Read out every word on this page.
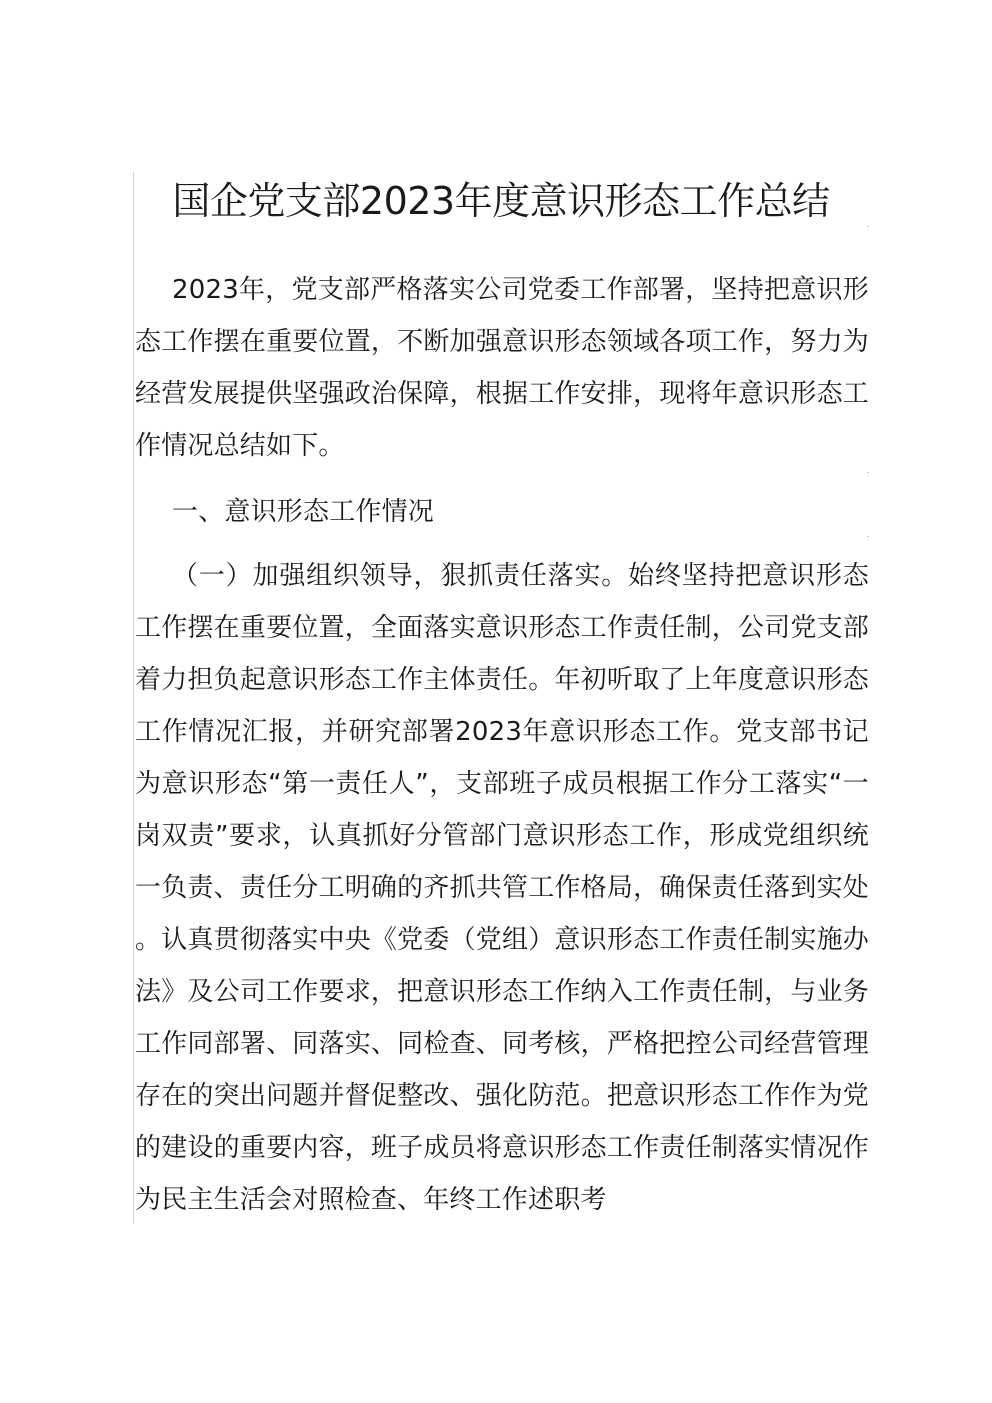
国企党支部2023年度意识形态工作总结

2023年，党支部严格落实公司党委工作部署，坚持把意识形态工作摆在重要位置，不断加强意识形态领域各项工作，努力为经营发展提供坚强政治保障，根据工作安排，现将年意识形态工作情况总结如下。

一、意识形态工作情况

（一）加强组织领导，狠抓责任落实。始终坚持把意识形态工作摆在重要位置，全面落实意识形态工作责任制，公司党支部着力担负起意识形态工作主体责任。年初听取了上年度意识形态工作情况汇报，并研究部署2023年意识形态工作。党支部书记为意识形态“第一责任人”，支部班子成员根据工作分工落实“一岗双责”要求，认真抓好分管部门意识形态工作，形成党组织统一负责、责任分工明确的齐抓共管工作格局，确保责任落到实处。认真贯彻落实中央《党委（党组）意识形态工作责任制实施办法》及公司工作要求，把意识形态工作纳入工作责任制，与业务工作同部署、同落实、同检查、同考核，严格把控公司经营管理存在的突出问题并督促整改、强化防范。把意识形态工作作为党的建设的重要内容，班子成员将意识形态工作责任制落实情况作为民主生活会对照检查、年终工作述职考
